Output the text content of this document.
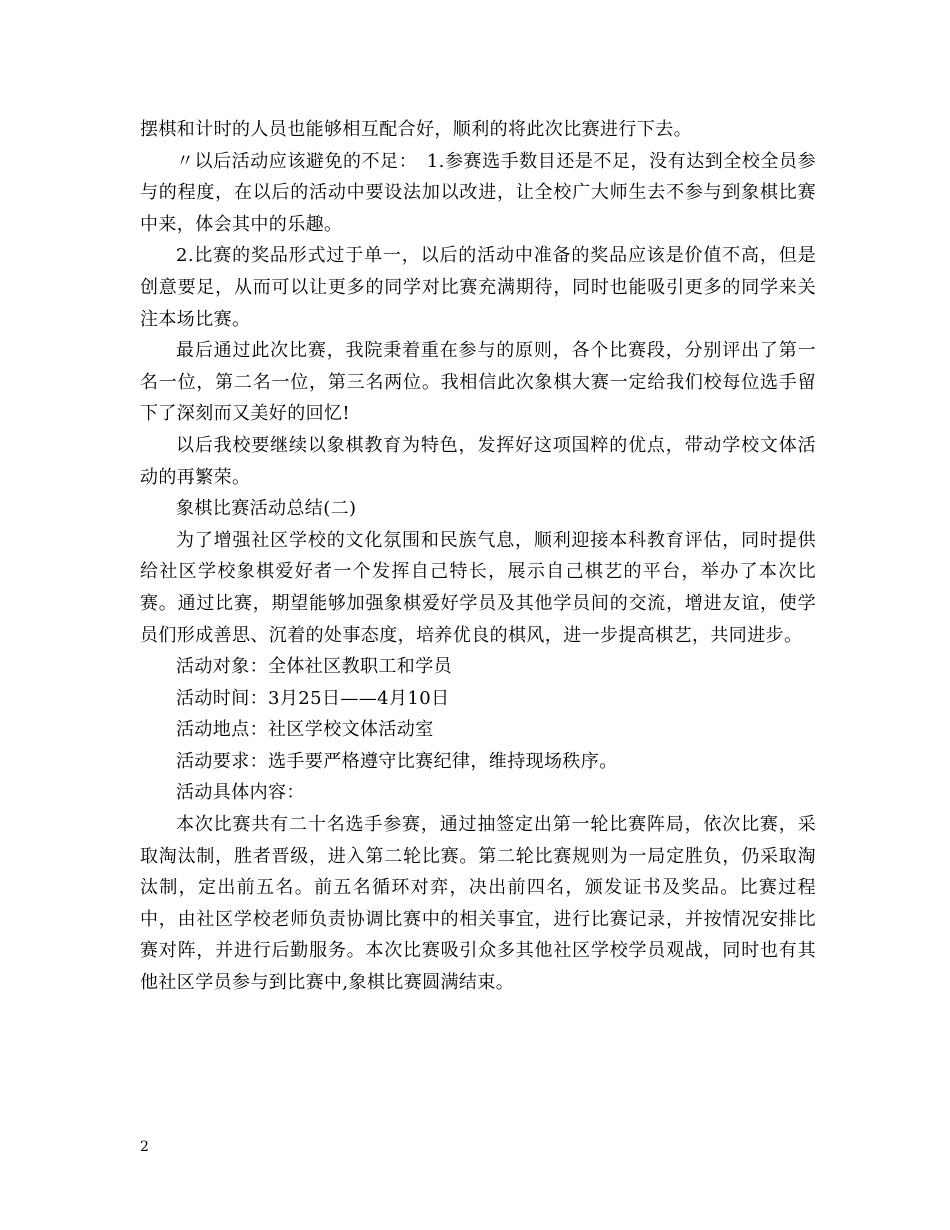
摆棋和计时的人员也能够相互配合好，顺利的将此次比赛进行下去。

〃以后活动应该避免的不足：　1.参赛选手数目还是不足，没有达到全校全员参与的程度，在以后的活动中要设法加以改进，让全校广大师生去不参与到象棋比赛中来，体会其中的乐趣。

2.比赛的奖品形式过于单一，以后的活动中准备的奖品应该是价值不高，但是创意要足，从而可以让更多的同学对比赛充满期待，同时也能吸引更多的同学来关注本场比赛。

最后通过此次比赛，我院秉着重在参与的原则，各个比赛段，分别评出了第一名一位，第二名一位，第三名两位。我相信此次象棋大赛一定给我们校每位选手留下了深刻而又美好的回忆!

以后我校要继续以象棋教育为特色，发挥好这项国粹的优点，带动学校文体活动的再繁荣。

象棋比赛活动总结(二)

为了增强社区学校的文化氛围和民族气息，顺利迎接本科教育评估，同时提供给社区学校象棋爱好者一个发挥自己特长，展示自己棋艺的平台，举办了本次比赛。通过比赛，期望能够加强象棋爱好学员及其他学员间的交流，增进友谊，使学员们形成善思、沉着的处事态度，培养优良的棋风，进一步提高棋艺，共同进步。

活动对象：全体社区教职工和学员

活动时间：3月25日——4月10日

活动地点：社区学校文体活动室

活动要求：选手要严格遵守比赛纪律，维持现场秩序。

活动具体内容：

本次比赛共有二十名选手参赛，通过抽签定出第一轮比赛阵局，依次比赛，采取淘汰制，胜者晋级，进入第二轮比赛。第二轮比赛规则为一局定胜负，仍采取淘汰制，定出前五名。前五名循环对弈，决出前四名，颁发证书及奖品。比赛过程中，由社区学校老师负责协调比赛中的相关事宜，进行比赛记录，并按情况安排比赛对阵，并进行后勤服务。本次比赛吸引众多其他社区学校学员观战，同时也有其他社区学员参与到比赛中,象棋比赛圆满结束。

2
